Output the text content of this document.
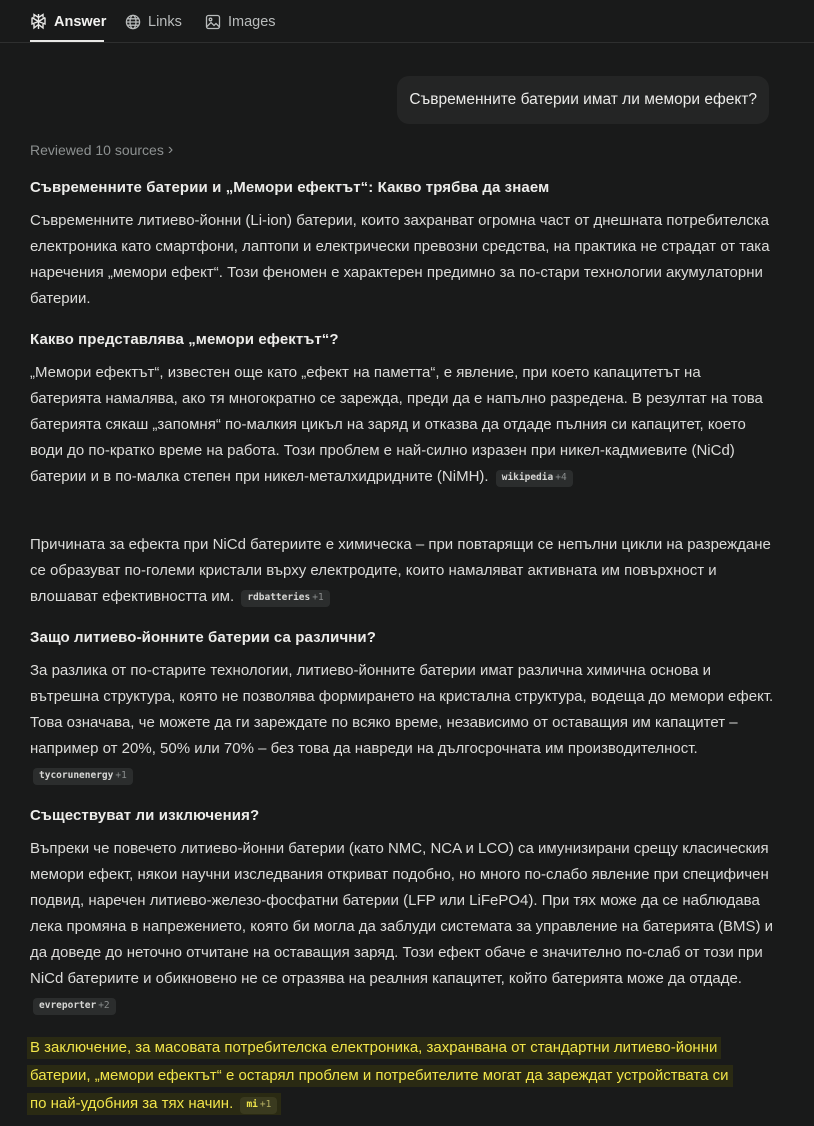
Answer	Links	Images
Съвременните батерии имат ли мемори ефект?
Reviewed 10 sources ›
Съвременните батерии и „Мемори ефектът“: Какво трябва да знаем
Съвременните литиево-йонни (Li-ion) батерии, които захранват огромна част от днешната потребителска електроника като смартфони, лаптопи и електрически превозни средства, на практика не страдат от така наречения „мемори ефект“. Този феномен е характерен предимно за по-стари технологии акумулаторни батерии.
Какво представлява „мемори ефектът“?
„Мемори ефектът“, известен още като „ефект на паметта“, е явление, при което капацитетът на батерията намалява, ако тя многократно се зарежда, преди да е напълно разредена. В резултат на това батерията сякаш „запомня“ по-малкия цикъл на заряд и отказва да отдаде пълния си капацитет, което води до по-кратко време на работа. Този проблем е най-силно изразен при никел-кадмиевите (NiCd) батерии и в по-малка степен при никел-металхидридните (NiMH). wikipedia +4
Причината за ефекта при NiCd батериите е химическа – при повтарящи се непълни цикли на разреждане се образуват по-големи кристали върху електродите, които намаляват активната им повърхност и влошават ефективността им. rdbatteries +1
Защо литиево-йонните батерии са различни?
За разлика от по-старите технологии, литиево-йонните батерии имат различна химична основа и вътрешна структура, която не позволява формирането на кристална структура, водеща до мемори ефект. Това означава, че можете да ги зареждате по всяко време, независимо от оставащия им капацитет – например от 20%, 50% или 70% – без това да навреди на дългосрочната им производителност. tycorunenergy +1
Съществуват ли изключения?
Въпреки че повечето литиево-йонни батерии (като NMC, NCA и LCO) са имунизирани срещу класическия мемори ефект, някои научни изследвания откриват подобно, но много по-слабо явление при специфичен подвид, наречен литиево-железо-фосфатни батерии (LFP или LiFePO4). При тях може да се наблюдава лека промяна в напрежението, която би могла да заблуди системата за управление на батерията (BMS) и да доведе до неточно отчитане на оставащия заряд. Този ефект обаче е значително по-слаб от този при NiCd батериите и обикновено не се отразява на реалния капацитет, който батерията може да отдаде. evreporter +2
В заключение, за масовата потребителска електроника, захранвана от стандартни литиево-йонни
батерии, „мемори ефектът“ е остарял проблем и потребителите могат да зареждат устройствата си
по най-удобния за тях начин. mi +1
